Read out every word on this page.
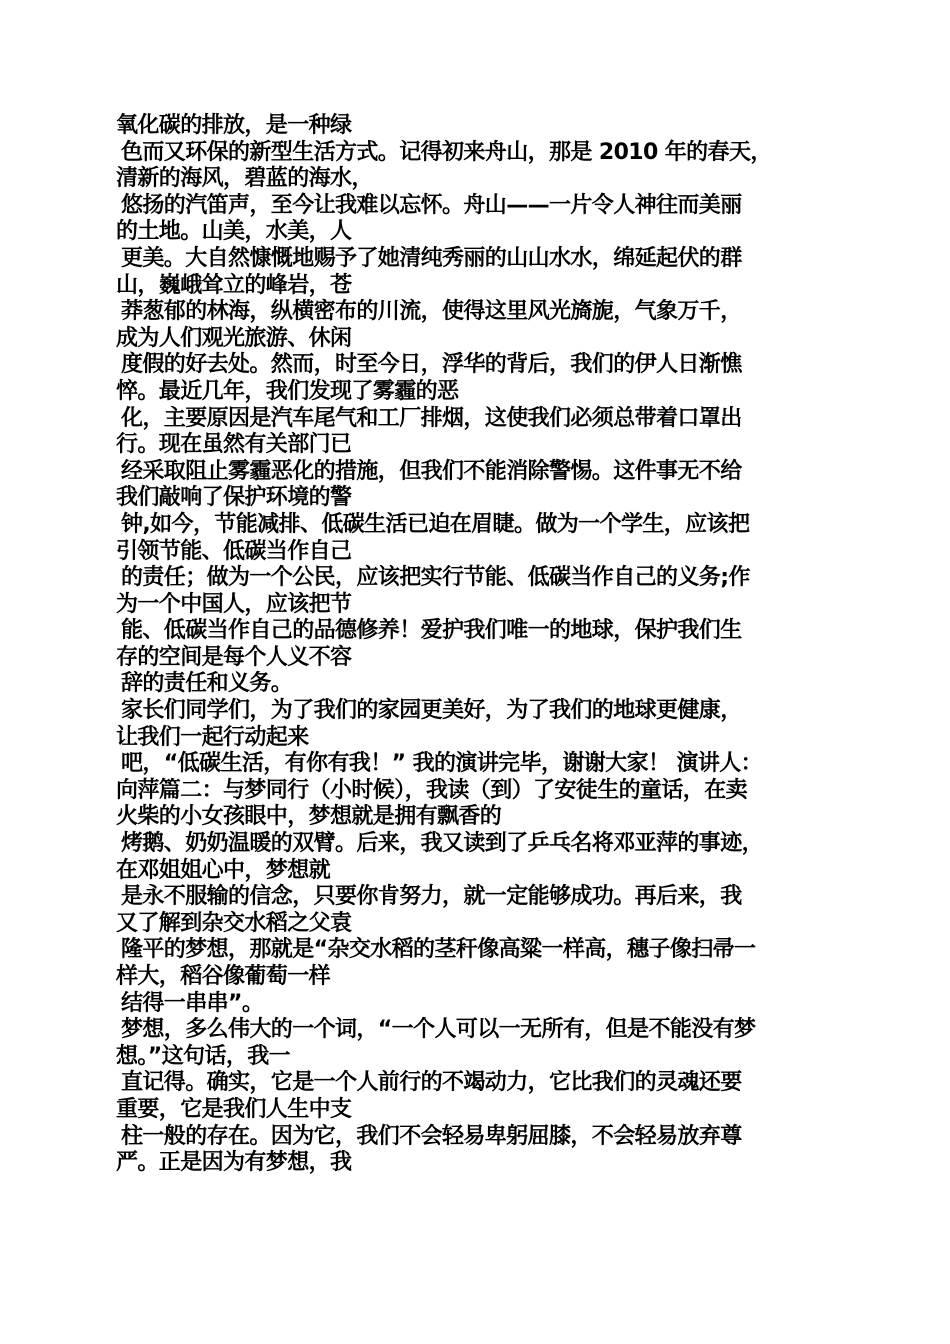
氧化碳的排放，是一种绿
色而又环保的新型生活方式。记得初来舟山，那是 2010 年的春天，
清新的海风，碧蓝的海水，
悠扬的汽笛声，至今让我难以忘怀。舟山——一片令人神往而美丽
的土地。山美，水美，人
更美。大自然慷慨地赐予了她清纯秀丽的山山水水，绵延起伏的群
山，巍峨耸立的峰岩，苍
莽葱郁的林海，纵横密布的川流，使得这里风光旖旎，气象万千，
成为人们观光旅游、休闲
度假的好去处。然而，时至今日，浮华的背后，我们的伊人日渐憔
悴。最近几年，我们发现了雾霾的恶
化，主要原因是汽车尾气和工厂排烟，这使我们必须总带着口罩出
行。现在虽然有关部门已
经采取阻止雾霾恶化的措施，但我们不能消除警惕。这件事无不给
我们敲响了保护环境的警
钟,如今，节能减排、低碳生活已迫在眉睫。做为一个学生，应该把
引领节能、低碳当作自己
的责任；做为一个公民，应该把实行节能、低碳当作自己的义务;作
为一个中国人，应该把节
能、低碳当作自己的品德修养！爱护我们唯一的地球，保护我们生
存的空间是每个人义不容
辞的责任和义务。
家长们同学们，为了我们的家园更美好，为了我们的地球更健康，
让我们一起行动起来
吧，“低碳生活，有你有我！” 我的演讲完毕，谢谢大家！ 演讲人：
向萍篇二：与梦同行（小时候），我读（到）了安徒生的童话，在卖
火柴的小女孩眼中，梦想就是拥有飘香的
烤鹅、奶奶温暖的双臂。后来，我又读到了乒乓名将邓亚萍的事迹，
在邓姐姐心中，梦想就
是永不服输的信念，只要你肯努力，就一定能够成功。再后来，我
又了解到杂交水稻之父袁
隆平的梦想，那就是“杂交水稻的茎秆像高粱一样高，穗子像扫帚一
样大，稻谷像葡萄一样
结得一串串”。
梦想，多么伟大的一个词，“一个人可以一无所有，但是不能没有梦
想。”这句话，我一
直记得。确实，它是一个人前行的不竭动力，它比我们的灵魂还要
重要，它是我们人生中支
柱一般的存在。因为它，我们不会轻易卑躬屈膝，不会轻易放弃尊
严。正是因为有梦想，我
